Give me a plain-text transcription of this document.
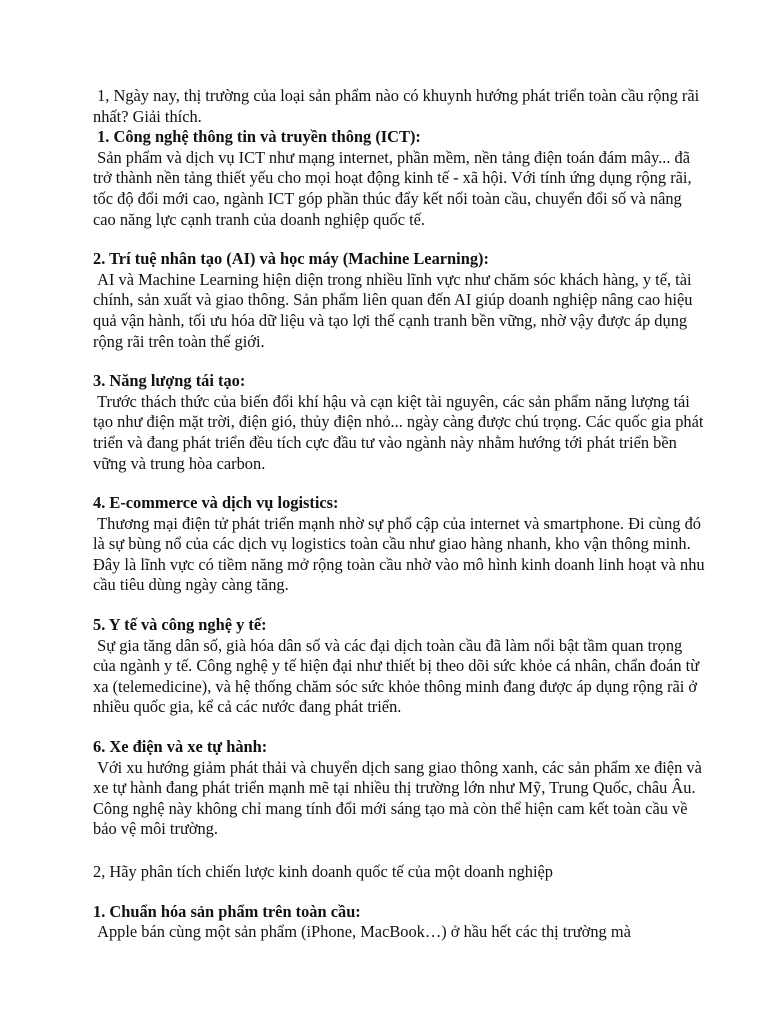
1, Ngày nay, thị trường của loại sản phẩm nào có khuynh hướng phát triển toàn cầu rộng rãi nhất? Giải thích.

1. Công nghệ thông tin và truyền thông (ICT):

Sản phẩm và dịch vụ ICT như mạng internet, phần mềm, nền tảng điện toán đám mây... đã trở thành nền tảng thiết yếu cho mọi hoạt động kinh tế - xã hội. Với tính ứng dụng rộng rãi, tốc độ đổi mới cao, ngành ICT góp phần thúc đẩy kết nối toàn cầu, chuyển đổi số và nâng cao năng lực cạnh tranh của doanh nghiệp quốc tế.

2. Trí tuệ nhân tạo (AI) và học máy (Machine Learning):

AI và Machine Learning hiện diện trong nhiều lĩnh vực như chăm sóc khách hàng, y tế, tài chính, sản xuất và giao thông. Sản phẩm liên quan đến AI giúp doanh nghiệp nâng cao hiệu quả vận hành, tối ưu hóa dữ liệu và tạo lợi thế cạnh tranh bền vững, nhờ vậy được áp dụng rộng rãi trên toàn thế giới.

3. Năng lượng tái tạo:

Trước thách thức của biến đổi khí hậu và cạn kiệt tài nguyên, các sản phẩm năng lượng tái tạo như điện mặt trời, điện gió, thủy điện nhỏ... ngày càng được chú trọng. Các quốc gia phát triển và đang phát triển đều tích cực đầu tư vào ngành này nhằm hướng tới phát triển bền vững và trung hòa carbon.

4. E-commerce và dịch vụ logistics:

Thương mại điện tử phát triển mạnh nhờ sự phổ cập của internet và smartphone. Đi cùng đó là sự bùng nổ của các dịch vụ logistics toàn cầu như giao hàng nhanh, kho vận thông minh. Đây là lĩnh vực có tiềm năng mở rộng toàn cầu nhờ vào mô hình kinh doanh linh hoạt và nhu cầu tiêu dùng ngày càng tăng.

5. Y tế và công nghệ y tế:

Sự gia tăng dân số, già hóa dân số và các đại dịch toàn cầu đã làm nổi bật tầm quan trọng của ngành y tế. Công nghệ y tế hiện đại như thiết bị theo dõi sức khỏe cá nhân, chẩn đoán từ xa (telemedicine), và hệ thống chăm sóc sức khỏe thông minh đang được áp dụng rộng rãi ở nhiều quốc gia, kể cả các nước đang phát triển.

6. Xe điện và xe tự hành:

Với xu hướng giảm phát thải và chuyển dịch sang giao thông xanh, các sản phẩm xe điện và xe tự hành đang phát triển mạnh mẽ tại nhiều thị trường lớn như Mỹ, Trung Quốc, châu Âu. Công nghệ này không chỉ mang tính đổi mới sáng tạo mà còn thể hiện cam kết toàn cầu về bảo vệ môi trường.

2, Hãy phân tích chiến lược kinh doanh quốc tế của một doanh nghiệp

1. Chuẩn hóa sản phẩm trên toàn cầu:

Apple bán cùng một sản phẩm (iPhone, MacBook…) ở hầu hết các thị trường mà
